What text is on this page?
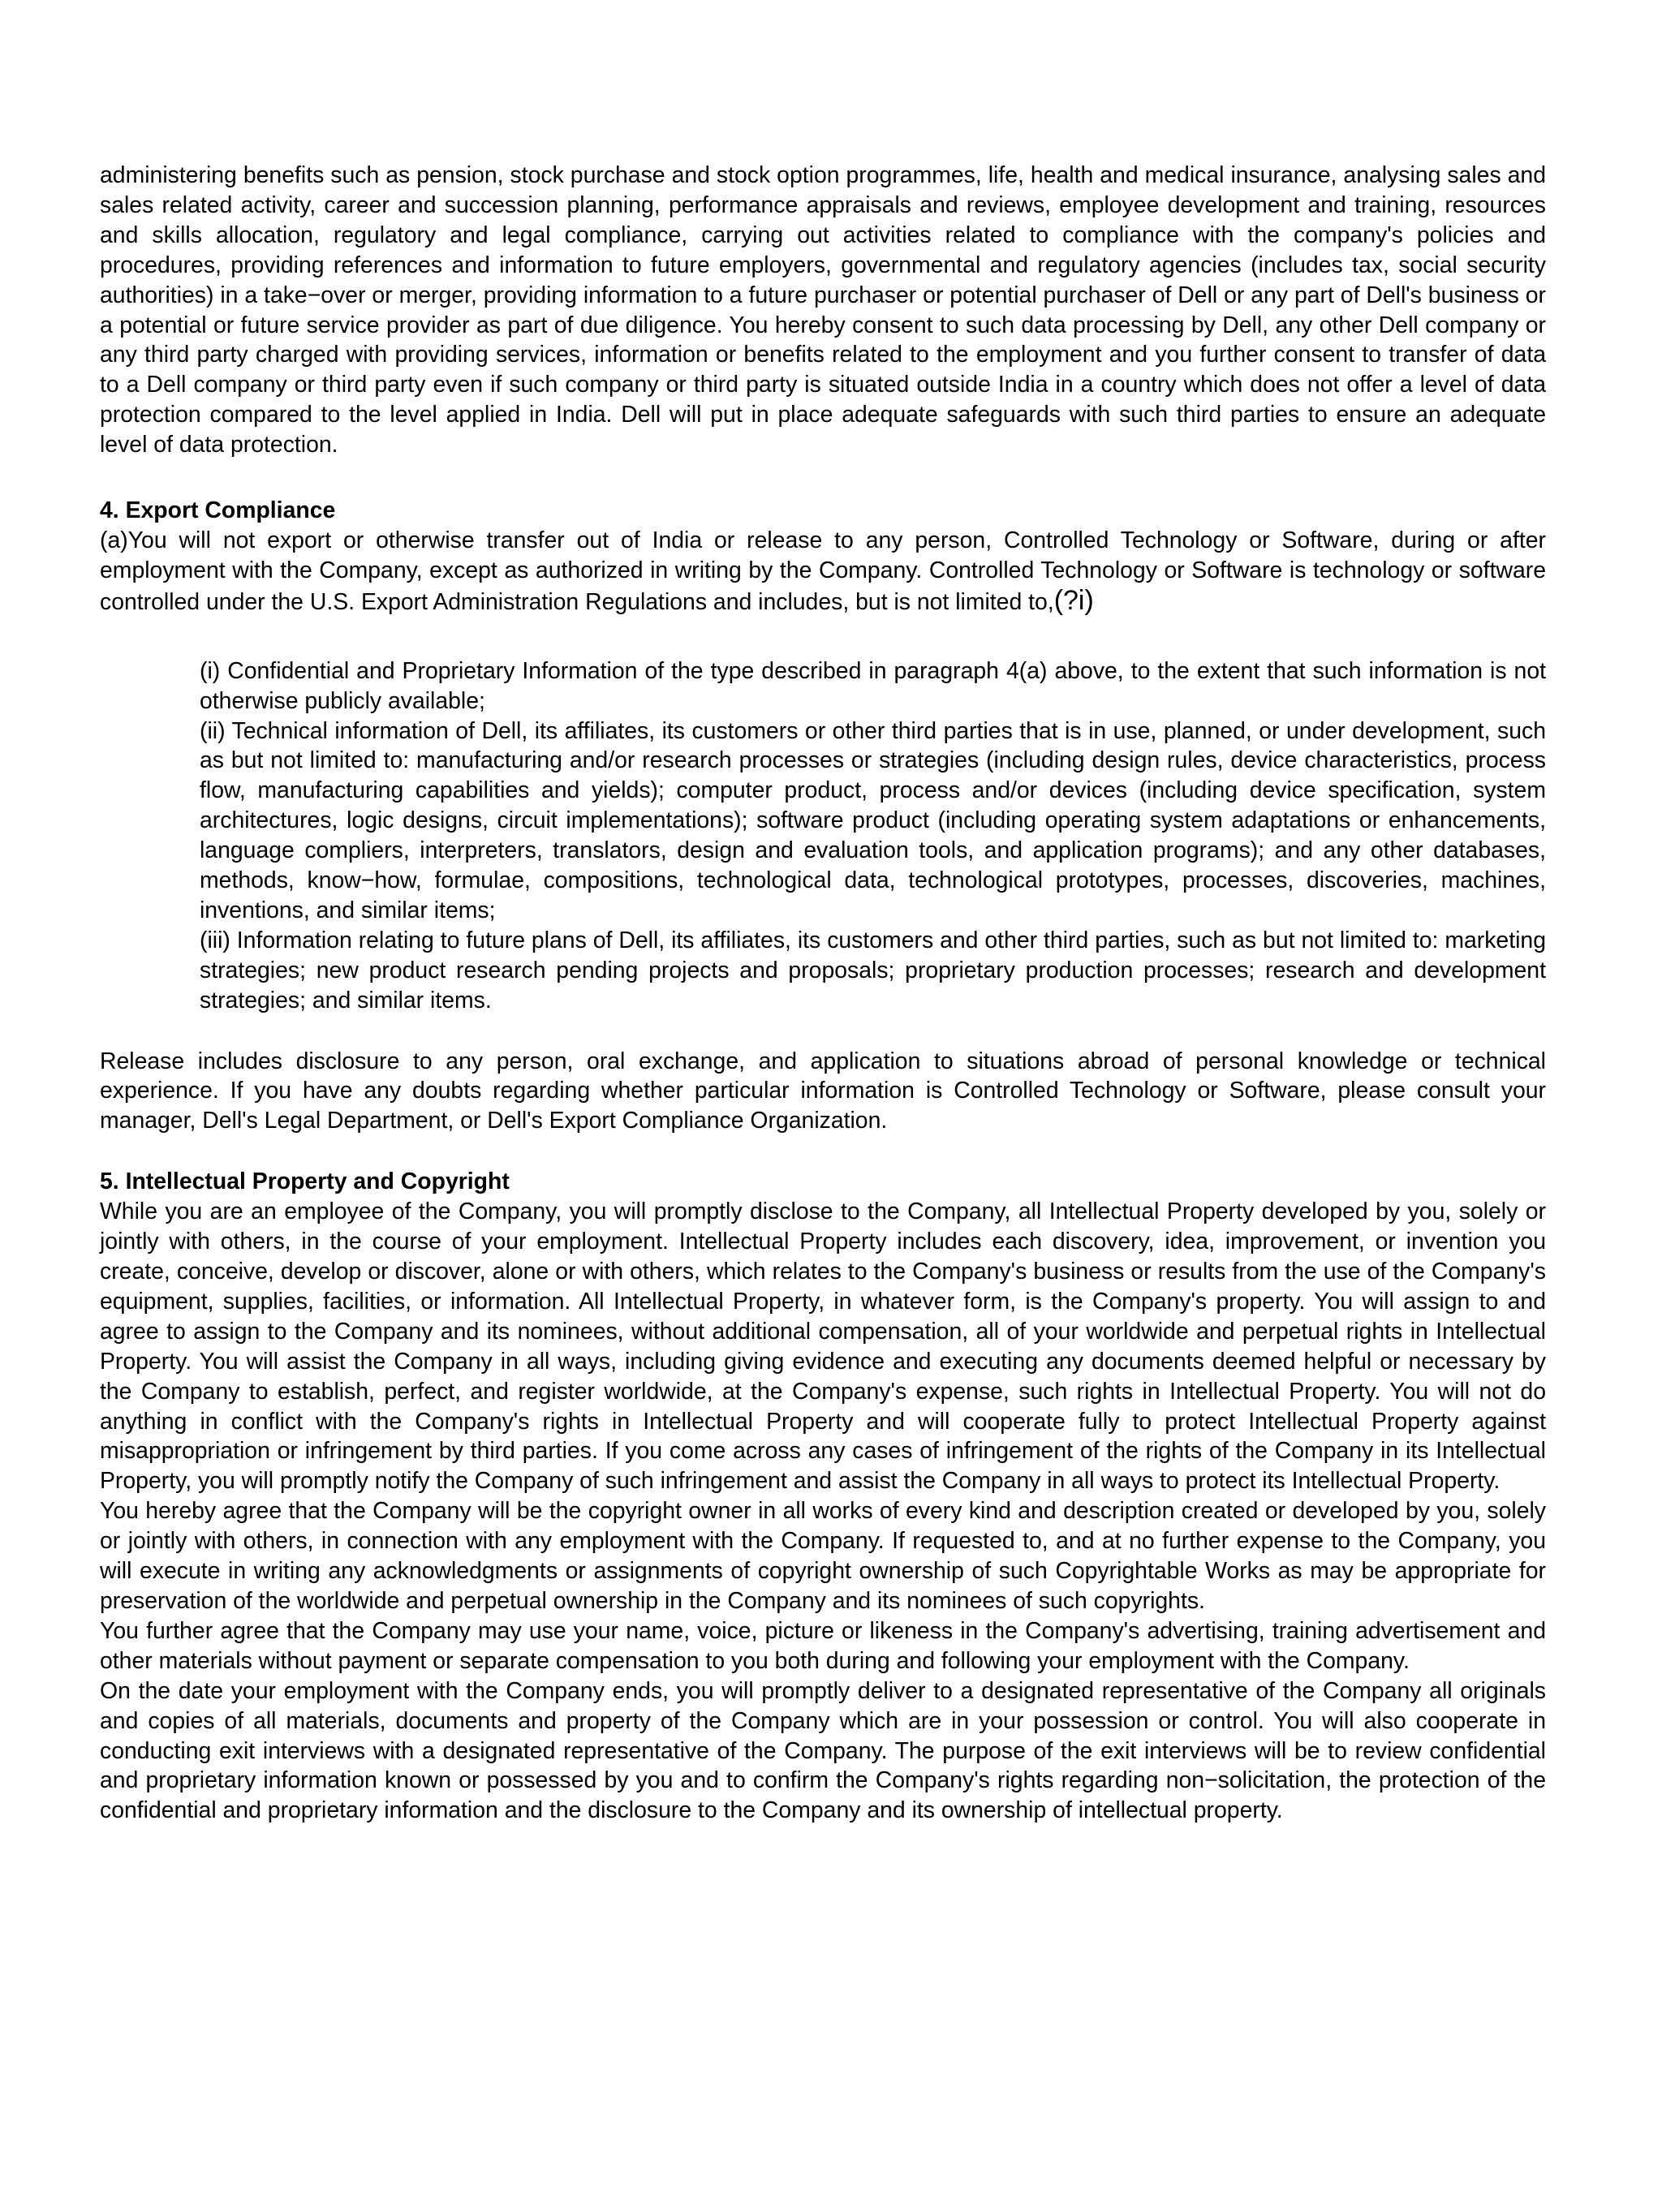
administering benefits such as pension, stock purchase and stock option programmes, life, health and medical insurance, analysing sales and sales related activity, career and succession planning, performance appraisals and reviews, employee development and training, resources and skills allocation, regulatory and legal compliance, carrying out activities related to compliance with the company's policies and procedures, providing references and information to future employers, governmental and regulatory agencies (includes tax, social security authorities) in a take−over or merger, providing information to a future purchaser or potential purchaser of Dell or any part of Dell's business or a potential or future service provider as part of due diligence. You hereby consent to such data processing by Dell, any other Dell company or any third party charged with providing services, information or benefits related to the employment and you further consent to transfer of data to a Dell company or third party even if such company or third party is situated outside India in a country which does not offer a level of data protection compared to the level applied in India. Dell will put in place adequate safeguards with such third parties to ensure an adequate level of data protection.

4. Export Compliance

(a)You will not export or otherwise transfer out of India or release to any person, Controlled Technology or Software, during or after employment with the Company, except as authorized in writing by the Company. Controlled Technology or Software is technology or software controlled under the U.S. Export Administration Regulations and includes, but is not limited to,(?i)

(i) Confidential and Proprietary Information of the type described in paragraph 4(a) above, to the extent that such information is not otherwise publicly available;

(ii) Technical information of Dell, its affiliates, its customers or other third parties that is in use, planned, or under development, such as but not limited to: manufacturing and/or research processes or strategies (including design rules, device characteristics, process flow, manufacturing capabilities and yields); computer product, process and/or devices (including device specification, system architectures, logic designs, circuit implementations); software product (including operating system adaptations or enhancements, language compliers, interpreters, translators, design and evaluation tools, and application programs); and any other databases, methods, know−how, formulae, compositions, technological data, technological prototypes, processes, discoveries, machines, inventions, and similar items;

(iii) Information relating to future plans of Dell, its affiliates, its customers and other third parties, such as but not limited to: marketing strategies; new product research pending projects and proposals; proprietary production processes; research and development strategies; and similar items.

Release includes disclosure to any person, oral exchange, and application to situations abroad of personal knowledge or technical experience. If you have any doubts regarding whether particular information is Controlled Technology or Software, please consult your manager, Dell's Legal Department, or Dell's Export Compliance Organization.

5. Intellectual Property and Copyright

While you are an employee of the Company, you will promptly disclose to the Company, all Intellectual Property developed by you, solely or jointly with others, in the course of your employment. Intellectual Property includes each discovery, idea, improvement, or invention you create, conceive, develop or discover, alone or with others, which relates to the Company's business or results from the use of the Company's equipment, supplies, facilities, or information. All Intellectual Property, in whatever form, is the Company's property. You will assign to and agree to assign to the Company and its nominees, without additional compensation, all of your worldwide and perpetual rights in Intellectual Property. You will assist the Company in all ways, including giving evidence and executing any documents deemed helpful or necessary by the Company to establish, perfect, and register worldwide, at the Company's expense, such rights in Intellectual Property. You will not do anything in conflict with the Company's rights in Intellectual Property and will cooperate fully to protect Intellectual Property against misappropriation or infringement by third parties. If you come across any cases of infringement of the rights of the Company in its Intellectual Property, you will promptly notify the Company of such infringement and assist the Company in all ways to protect its Intellectual Property.

You hereby agree that the Company will be the copyright owner in all works of every kind and description created or developed by you, solely or jointly with others, in connection with any employment with the Company. If requested to, and at no further expense to the Company, you will execute in writing any acknowledgments or assignments of copyright ownership of such Copyrightable Works as may be appropriate for preservation of the worldwide and perpetual ownership in the Company and its nominees of such copyrights.

You further agree that the Company may use your name, voice, picture or likeness in the Company's advertising, training advertisement and other materials without payment or separate compensation to you both during and following your employment with the Company.

On the date your employment with the Company ends, you will promptly deliver to a designated representative of the Company all originals and copies of all materials, documents and property of the Company which are in your possession or control. You will also cooperate in conducting exit interviews with a designated representative of the Company. The purpose of the exit interviews will be to review confidential and proprietary information known or possessed by you and to confirm the Company's rights regarding non−solicitation, the protection of the confidential and proprietary information and the disclosure to the Company and its ownership of intellectual property.
